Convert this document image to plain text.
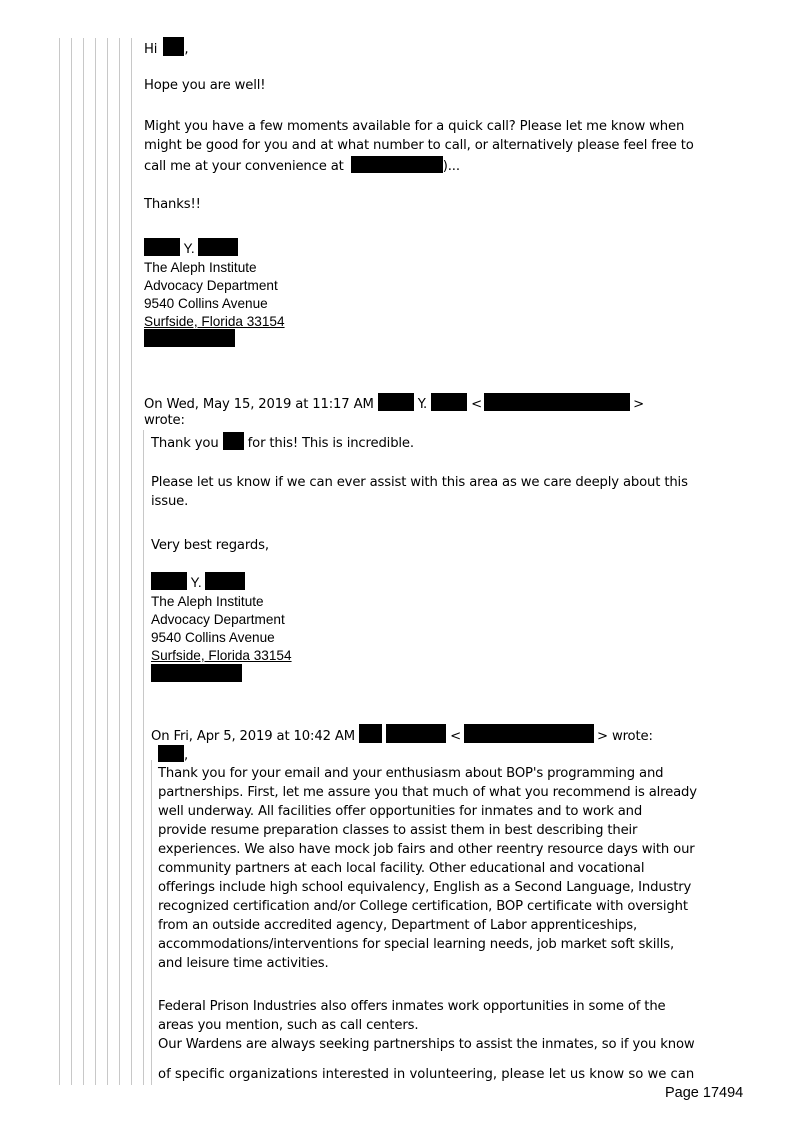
Hi ,
Hope you are well!
Might you have a few moments available for a quick call? Please let me know when
might be good for you and at what number to call, or alternatively please feel free to
call me at your convenience at	)...
Thanks!!
Y.
The Aleph Institute
Advocacy Department
9540 Collins Avenue
Surfside, Florida 33154
On Wed, May 15, 2019 at 11:17 AM	Y.	<	>
wrote:
Thank you for this! This is incredible.
Please let us know if we can ever assist with this area as we care deeply about this
issue.
Very best regards,
Y.
The Aleph Institute
Advocacy Department
9540 Collins Avenue
Surfside, Florida 33154
On Fri, Apr 5, 2019 at 10:42 AM	<	> wrote:
,
Thank you for your email and your enthusiasm about BOP's programming and
partnerships. First, let me assure you that much of what you recommend is already
well underway. All facilities offer opportunities for inmates and to work and
provide resume preparation classes to assist them in best describing their
experiences. We also have mock job fairs and other reentry resource days with our
community partners at each local facility. Other educational and vocational
offerings include high school equivalency, English as a Second Language, Industry
recognized certification and/or College certification, BOP certificate with oversight
from an outside accredited agency, Department of Labor apprenticeships,
accommodations/interventions for special learning needs, job market soft skills,
and leisure time activities.
Federal Prison Industries also offers inmates work opportunities in some of the
areas you mention, such as call centers.
Our Wardens are always seeking partnerships to assist the inmates, so if you know
of specific organizations interested in volunteering, please let us know so we can
Page 17494
